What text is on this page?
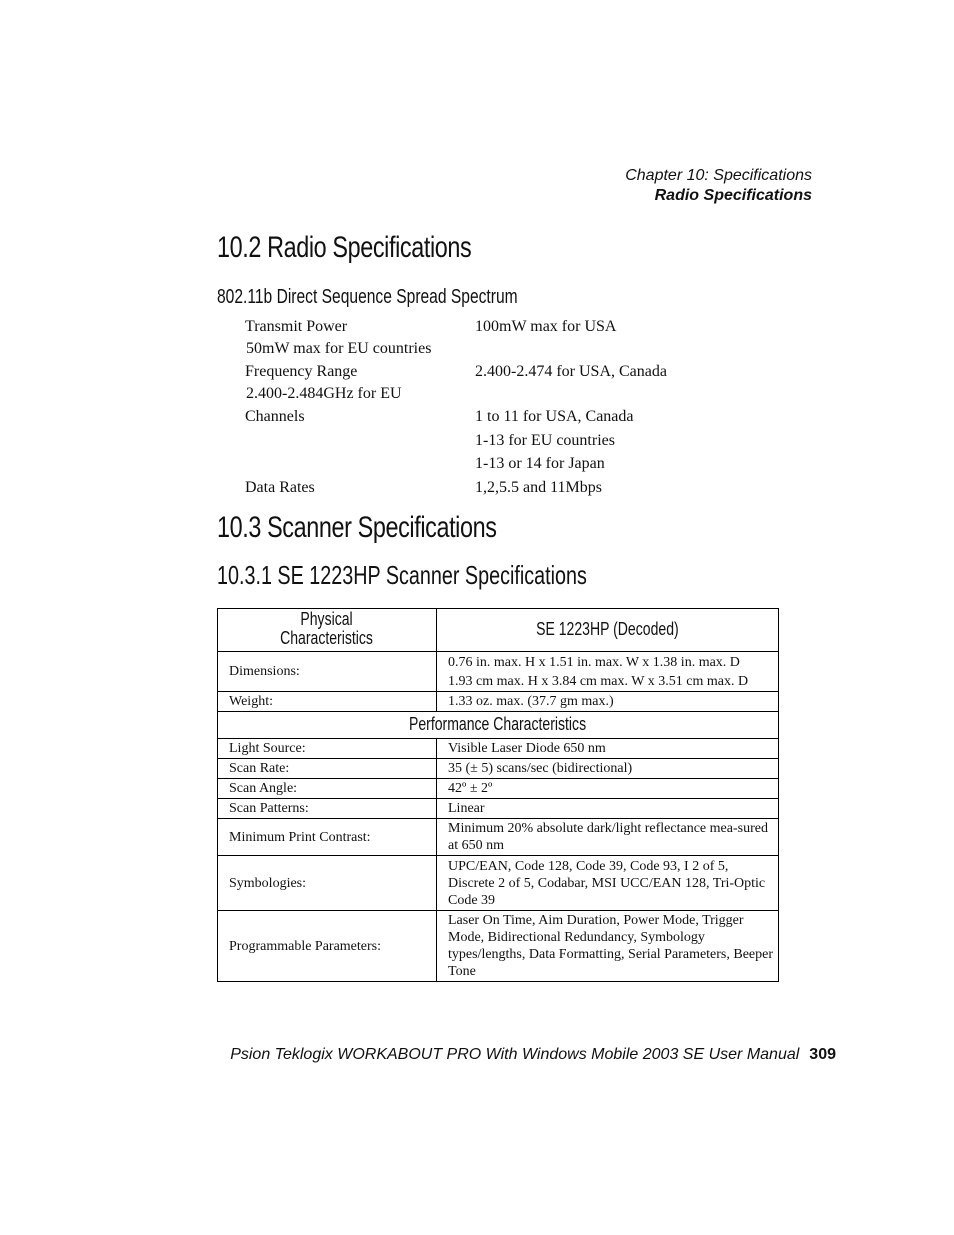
Chapter 10: Specifications
Radio Specifications
10.2 Radio Specifications
802.11b Direct Sequence Spread Spectrum
Transmit Power	100mW max for USA
50mW max for EU countries
Frequency Range	2.400-2.474 for USA, Canada
2.400-2.484GHz for EU
Channels	1 to 11 for USA, Canada
1-13 for EU countries
1-13 or 14 for Japan
Data Rates	1,2,5.5 and 11Mbps
10.3 Scanner Specifications
10.3.1 SE 1223HP Scanner Specifications
Physical
Characteristics	SE 1223HP (Decoded)
Dimensions:	0.76 in. max. H x 1.51 in. max. W x 1.38 in. max. D
1.93 cm max. H x 3.84 cm max. W x 3.51 cm max. D

Weight:	1.33 oz. max. (37.7 gm max.)
Performance Characteristics	
Light Source:	Visible Laser Diode 650 nm
Scan Rate:	35 (± 5) scans/sec (bidirectional)
Scan Angle:	42º ± 2º
Scan Patterns:	Linear
Minimum Print Contrast:	Minimum 20% absolute dark/light reflectance mea-sured at 650 nm
Symbologies:	UPC/EAN, Code 128, Code 39, Code 93, I 2 of 5, Discrete 2 of 5, Codabar, MSI UCC/EAN 128, Tri-Optic Code 39
Programmable Parameters:	Laser On Time, Aim Duration, Power Mode, Trigger Mode, Bidirectional Redundancy, Symbology types/lengths, Data Formatting, Serial Parameters, Beeper Tone
Psion Teklogix WORKABOUT PRO With Windows Mobile 2003 SE User Manual 309
